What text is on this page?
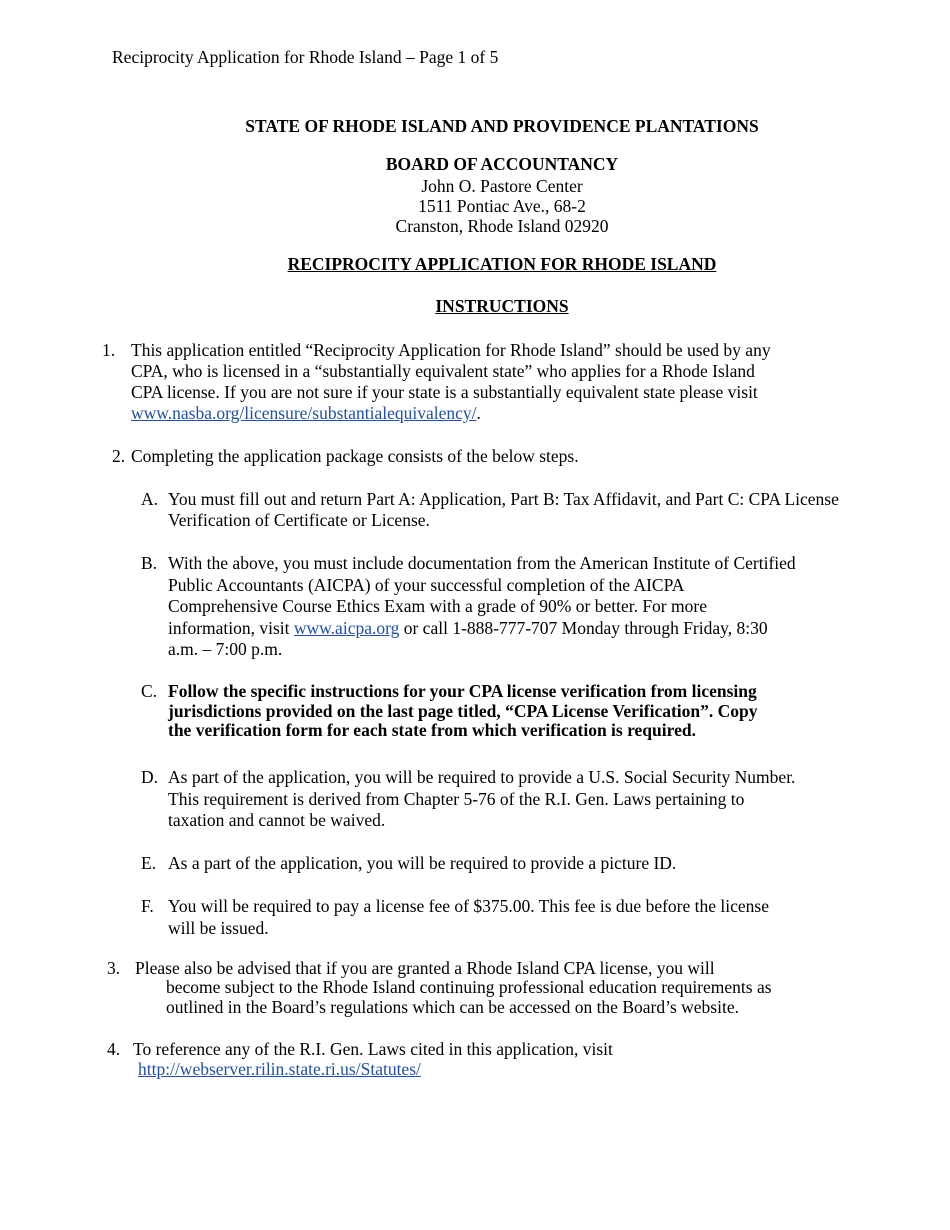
Reciprocity Application for Rhode Island – Page 1 of 5
STATE OF RHODE ISLAND AND PROVIDENCE PLANTATIONS
BOARD OF ACCOUNTANCY
John O. Pastore Center
1511 Pontiac Ave., 68-2
Cranston, Rhode Island 02920
RECIPROCITY APPLICATION FOR RHODE ISLAND
INSTRUCTIONS
1. This application entitled “Reciprocity Application for Rhode Island” should be used by any
CPA, who is licensed in a “substantially equivalent state” who applies for a Rhode Island
CPA license. If you are not sure if your state is a substantially equivalent state please visit
www.nasba.org/licensure/substantialequivalency/.
2. Completing the application package consists of the below steps.
A. You must fill out and return Part A: Application, Part B: Tax Affidavit, and Part C: CPA License
Verification of Certificate or License.
B. With the above, you must include documentation from the American Institute of Certified
Public Accountants (AICPA) of your successful completion of the AICPA
Comprehensive Course Ethics Exam with a grade of 90% or better. For more
information, visit www.aicpa.org or call 1-888-777-707 Monday through Friday, 8:30
a.m. – 7:00 p.m.
C. Follow the specific instructions for your CPA license verification from licensing
jurisdictions provided on the last page titled, “CPA License Verification”. Copy
the verification form for each state from which verification is required.
D. As part of the application, you will be required to provide a U.S. Social Security Number.
This requirement is derived from Chapter 5-76 of the R.I. Gen. Laws pertaining to
taxation and cannot be waived.
E. As a part of the application, you will be required to provide a picture ID.
F. You will be required to pay a license fee of $375.00. This fee is due before the license
will be issued.
3. Please also be advised that if you are granted a Rhode Island CPA license, you will
become subject to the Rhode Island continuing professional education requirements as
outlined in the Board’s regulations which can be accessed on the Board’s website.
4. To reference any of the R.I. Gen. Laws cited in this application, visit
http://webserver.rilin.state.ri.us/Statutes/
